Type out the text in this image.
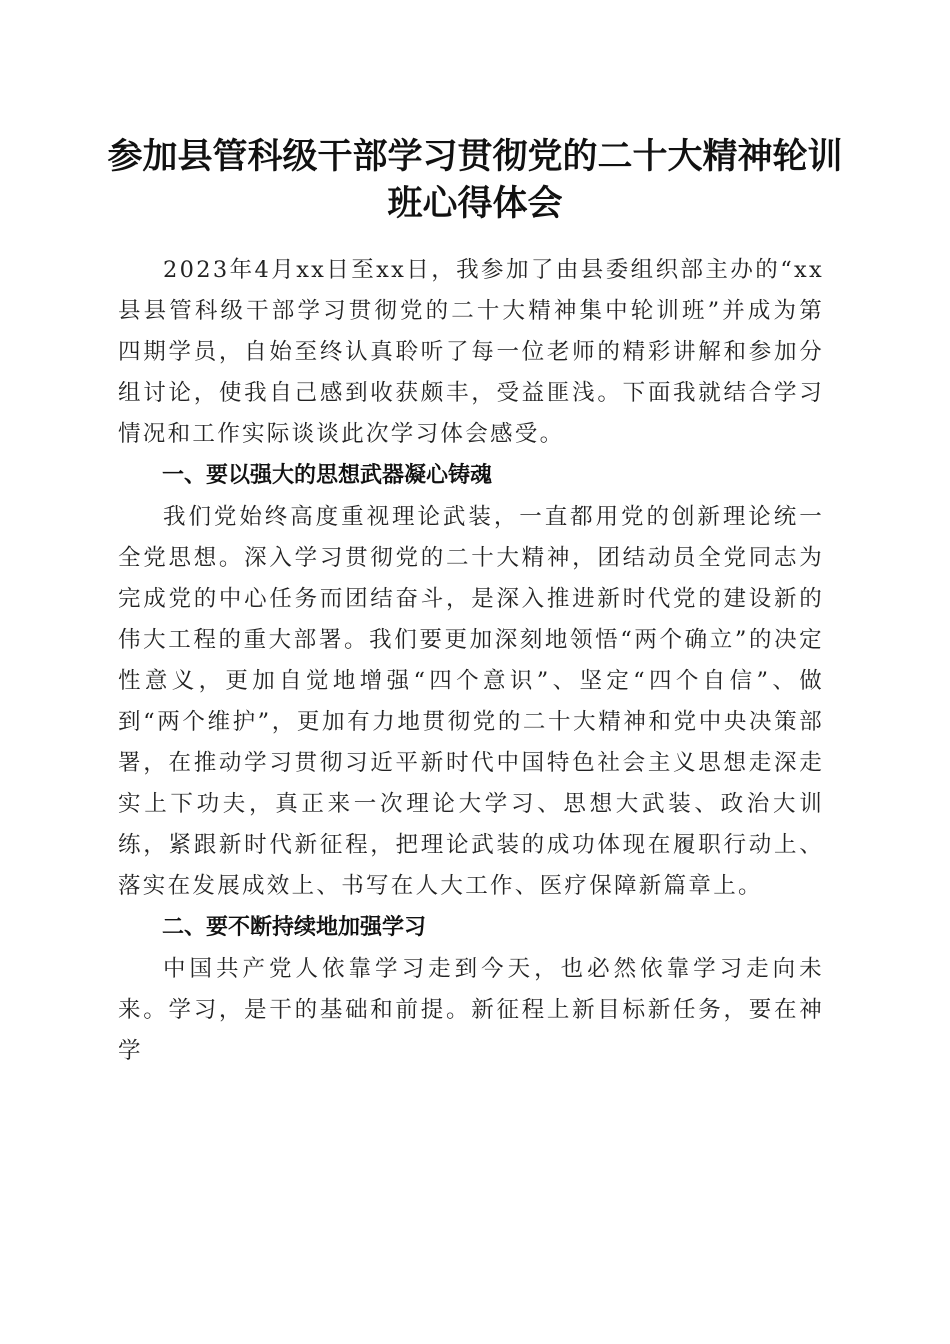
参加县管科级干部学习贯彻党的二十大精神轮训班心得体会

2023年4月xx日至xx日，我参加了由县委组织部主办的“xx县县管科级干部学习贯彻党的二十大精神集中轮训班”并成为第四期学员，自始至终认真聆听了每一位老师的精彩讲解和参加分组讨论，使我自己感到收获颇丰，受益匪浅。下面我就结合学习情况和工作实际谈谈此次学习体会感受。

一、要以强大的思想武器凝心铸魂

我们党始终高度重视理论武装，一直都用党的创新理论统一全党思想。深入学习贯彻党的二十大精神，团结动员全党同志为完成党的中心任务而团结奋斗，是深入推进新时代党的建设新的伟大工程的重大部署。我们要更加深刻地领悟“两个确立”的决定性意义，更加自觉地增强“四个意识”、坚定“四个自信”、做到“两个维护”，更加有力地贯彻党的二十大精神和党中央决策部署，在推动学习贯彻习近平新时代中国特色社会主义思想走深走实上下功夫，真正来一次理论大学习、思想大武装、政治大训练，紧跟新时代新征程，把理论武装的成功体现在履职行动上、落实在发展成效上、书写在人大工作、医疗保障新篇章上。

二、要不断持续地加强学习

中国共产党人依靠学习走到今天，也必然依靠学习走向未来。学习，是干的基础和前提。新征程上新目标新任务，要在神学
